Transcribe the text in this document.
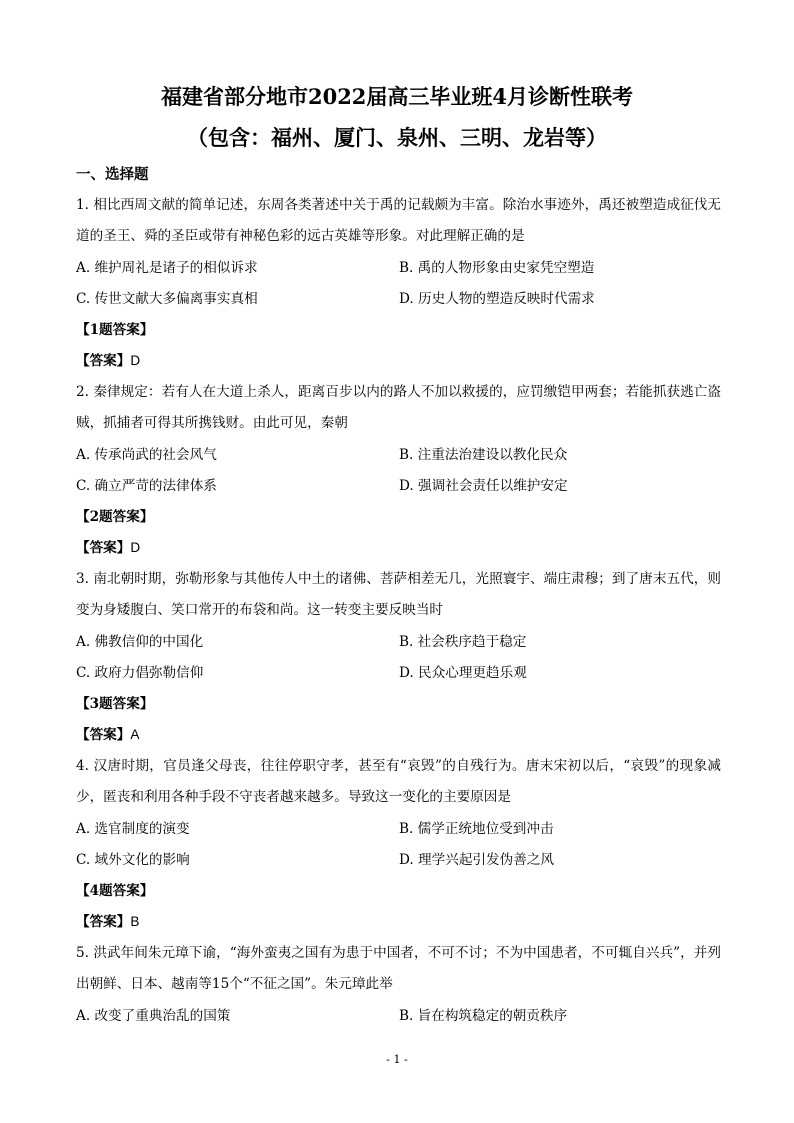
福建省部分地市2022届高三毕业班4月诊断性联考
（包含：福州、厦门、泉州、三明、龙岩等）
一、选择题

1. 相比西周文献的简单记述，东周各类著述中关于禹的记载颇为丰富。除治水事迹外，禹还被塑造成征伐无道的圣王、舜的圣臣或带有神秘色彩的远古英雄等形象。对此理解正确的是

A. 维护周礼是诸子的相似诉求	B. 禹的人物形象由史家凭空塑造
C. 传世文献大多偏离事实真相	D. 历史人物的塑造反映时代需求
【1题答案】
【答案】D

2. 秦律规定：若有人在大道上杀人，距离百步以内的路人不加以救援的，应罚缴铠甲两套；若能抓获逃亡盗贼，抓捕者可得其所携钱财。由此可见，秦朝

A. 传承尚武的社会风气	B. 注重法治建设以教化民众
C. 确立严苛的法律体系	D. 强调社会责任以维护安定
【2题答案】
【答案】D

3. 南北朝时期，弥勒形象与其他传人中土的诸佛、菩萨相差无几，光照寰宇、端庄肃穆；到了唐末五代，则变为身矮腹白、笑口常开的布袋和尚。这一转变主要反映当时

A. 佛教信仰的中国化	B. 社会秩序趋于稳定
C. 政府力倡弥勒信仰	D. 民众心理更趋乐观
【3题答案】
【答案】A

4. 汉唐时期，官员逢父母丧，往往停职守孝，甚至有“哀毁”的自残行为。唐末宋初以后，“哀毁”的现象减少，匿丧和利用各种手段不守丧者越来越多。导致这一变化的主要原因是

A. 选官制度的演变	B. 儒学正统地位受到冲击
C. 域外文化的影响	D. 理学兴起引发伪善之风
【4题答案】
【答案】B

5. 洪武年间朱元璋下谕，“海外蛮夷之国有为患于中国者，不可不讨；不为中国患者，不可辄自兴兵”，并列出朝鲜、日本、越南等15个“不征之国”。朱元璋此举

A. 改变了重典治乱的国策	B. 旨在构筑稳定的朝贡秩序
- 1 -
